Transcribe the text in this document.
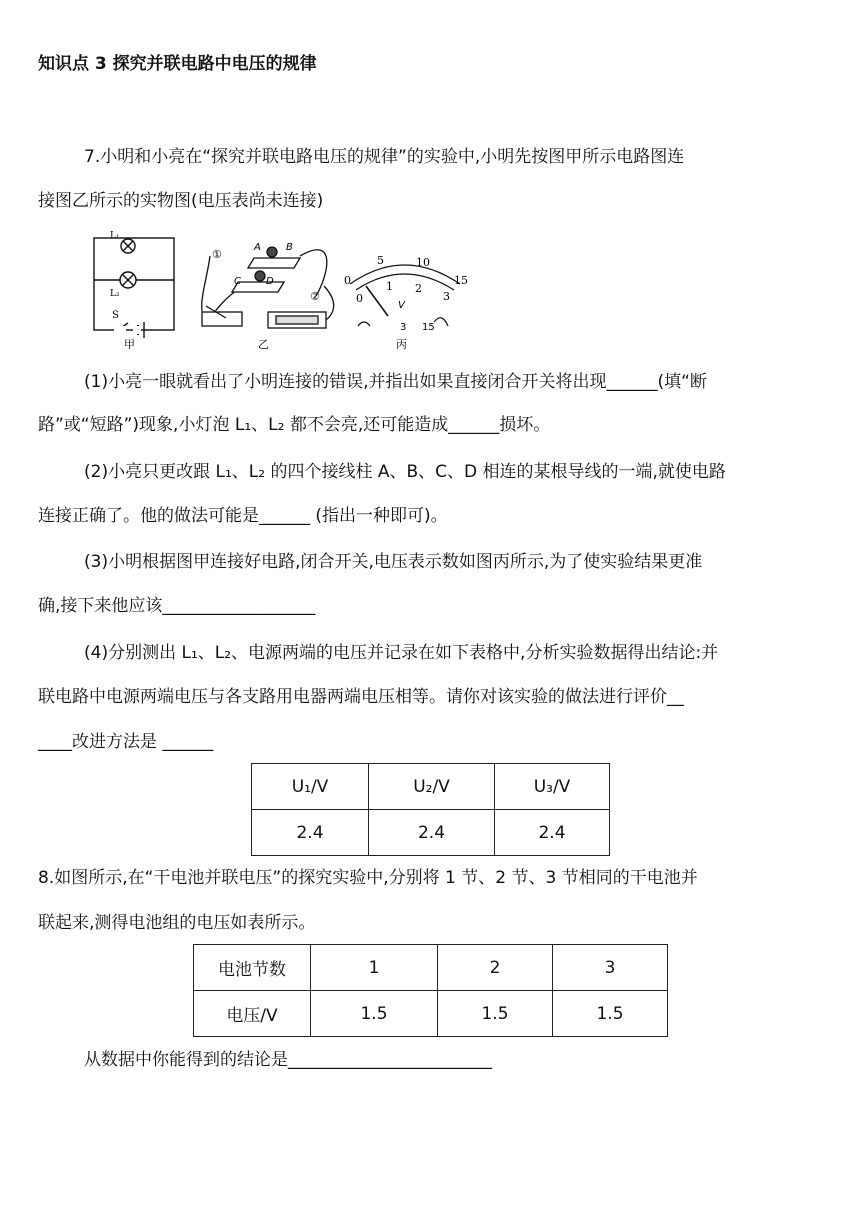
知识点 3 探究并联电路中电压的规律
7.小明和小亮在“探究并联电路电压的规律”的实验中,小明先按图甲所示电路图连
接图乙所示的实物图(电压表尚未连接)
L₁
L₂
S
甲
①
②
A	B
C	D
乙
0
5	10
15
0
1 2
3
V
3 15
丙
(1)小亮一眼就看出了小明连接的错误,并指出如果直接闭合开关将出现______(填“断
路”或“短路”)现象,小灯泡 L₁、L₂ 都不会亮,还可能造成______损坏。
(2)小亮只更改跟 L₁、L₂ 的四个接线柱 A、B、C、D 相连的某根导线的一端,就使电路
连接正确了。他的做法可能是______ (指出一种即可)。
(3)小明根据图甲连接好电路,闭合开关,电压表示数如图丙所示,为了使实验结果更准
确,接下来他应该__________________
(4)分别测出 L₁、L₂、电源两端的电压并记录在如下表格中,分析实验数据得出结论:并
联电路中电源两端电压与各支路用电器两端电压相等。请你对该实验的做法进行评价__
____改进方法是 ______
U₁/V	U₂/V	U₃/V
2.4	2.4	2.4
8.如图所示,在“干电池并联电压”的探究实验中,分别将 1 节、2 节、3 节相同的干电池并
联起来,测得电池组的电压如表所示。
电池节数	1	2	3
电压/V	1.5	1.5	1.5
从数据中你能得到的结论是________________________
